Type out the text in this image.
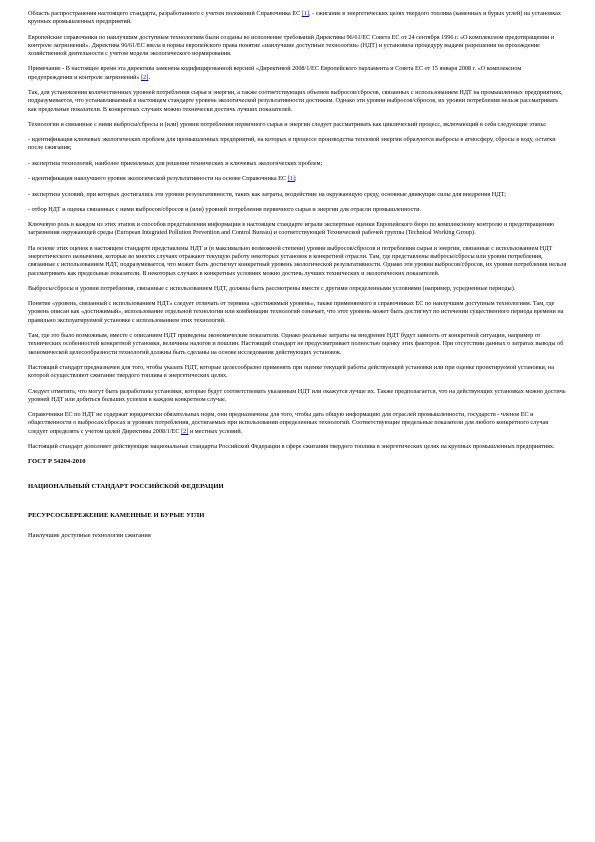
Область распространения настоящего стандарта, разработанного с учетом положений Справочника ЕС [1], - сжигание в энергетических целях твердого топлива (каменных и бурых углей) на установках крупных промышленных предприятий.

Европейские справочники по наилучшим доступным технологиям были созданы во исполнение требований Директивы 96/61/ЕС Совета ЕС от 24 сентября 1996 г. «О комплексном предотвращении и контроле загрязнений». Директива 96/61/ЕС ввела в нормы европейского права понятие «наилучшие доступные технологии» (НДТ) и установила процедуру выдачи разрешения на прохождение хозяйственной деятельности с учетом модели экологического нормирования.

Примечание - В настоящее время эта директива заменена кодифицированной версией «Директивой 2008/1/ЕС Европейского парламента и Совета ЕС от 15 января 2008 г. «О комплексном предупреждении и контроле загрязнений» [2].

Так, для установления количественных уровней потребления сырья и энергии, а также соответствующих объемов выбросов/сбросов, связанных с использованием НДТ на промышленных предприятиях, подразумевается, что устанавливаемый в настоящем стандарте уровень экологической результативности достижим. Однако эти уровни выбросов/сбросов, их уровни потребления нельзя рассматривать как предельные показатели. В конкретных случаях можно технически достичь лучших показателей.

Технологии и связанные с ними выбросы/сбросы и (или) уровни потребления первичного сырья и энергии следует рассматривать как циклический процесс, включающий в себя следующие этапы:

- идентификация ключевых экологических проблем для промышленных предприятий, на которых в процессе производства тепловой энергии образуются выбросы в атмосферу, сбросы в воду, остатки после сжигания;

- экспертиза технологий, наиболее приемлемых для решения технических и ключевых экологических проблем;

- идентификация наилучшего уровня экологической результативности на основе Справочника ЕС [1];

- экспертиза условий, при которых достигались эти уровни результативности, таких как затраты, воздействие на окружающую среду, основные движущие силы для внедрения НДТ;

- отбор НДТ и оценка связанных с ними выбросов/сбросов и (или) уровней потребления первичного сырья и энергии для отрасли промышленности.

Ключевую роль в каждом из этих этапов и способов представления информации в настоящем стандарте играли экспертные оценки Европейского бюро по комплексному контролю и предотвращению загрязнения окружающей среды (European Integrated Pollution Prevention and Control Bureau) и соответствующей Технической рабочей группы (Technical Working Group).

На основе этих оценок в настоящем стандарте представлены НДТ и (в максимально возможной степени) уровни выбросов/сбросов и потребления сырья и энергии, связанные с использованием НДТ энергетического назначения, которые во многих случаях отражают текущую работу некоторых установок в конкретной отрасли. Там, где представлены выбросы/сбросы или уровни потребления, связанные с использованием НДТ, подразумевается, что может быть достигнут конкретный уровень экологической результативности. Однако эти уровни выбросов/сбросов, их уровни потребления нельзя рассматривать как предельные показатели. В некоторых случаях в конкретных условиях можно достичь лучших технических и экологических показателей.

Выбросы/сбросы и уровни потребления, связанные с использованием НДТ, должны быть рассмотрены вместе с другими определенными условиями (например, усредненные периоды).

Понятие «уровень, связанный с использованием НДТ» следует отличать от термина «достижимый уровень», также применяемого в справочниках ЕС по наилучшим доступным технологиям. Там, где уровень описан как «достижимый», использование отдельной технологии или комбинации технологий означает, что этот уровень может быть достигнут по истечении существенного периода времени на правильно эксплуатируемой установке с использованием этих технологий.

Там, где это было возможным, вместе с описанием НДТ приведены экономические показатели. Однако реальные затраты на внедрение НДТ будут зависеть от конкретной ситуации, например от технических особенностей конкретной установки, величины налогов и пошлин. Настоящий стандарт не предусматривает полностью оценку этих факторов. При отсутствии данных о затратах выводы об экономической целесообразности технологий должны быть сделаны на основе исследования действующих установок.

Настоящий стандарт предназначен для того, чтобы указать НДТ, которые целесообразно применять при оценке текущей работы действующей установки или при оценке проектируемой установки, на которой осуществляют сжигание твердого топлива в энергетических целях.

Следует отметить, что могут быть разработаны установки, которые будут соответствовать указанным НДТ или окажутся лучше их. Также предполагается, что на действующих установках можно достичь уровней НДТ или добиться больших успехов в каждом конкретном случае.

Справочники ЕС по НДТ не содержат юридически обязательных норм, они предназначены для того, чтобы дать общую информацию для отраслей промышленности, государств - членов ЕС и общественности о выбросах/сбросах и уровнях потребления, достигаемых при использовании определенных технологий. Соответствующие предельные показатели для любого конкретного случая следует определять с учетом целей Директивы 2008/1/ЕС [2] и местных условий.

Настоящий стандарт дополняет действующие национальные стандарты Российской Федерации в сфере сжигания твердого топлива в энергетических целях на крупных промышленных предприятиях.

ГОСТ Р 54204-2010
НАЦИОНАЛЬНЫЙ СТАНДАРТ РОССИЙСКОЙ ФЕДЕРАЦИИ
РЕСУРСОСБЕРЕЖЕНИЕ КАМЕННЫЕ И БУРЫЕ УГЛИ
Наилучшие доступные технологии сжигания
